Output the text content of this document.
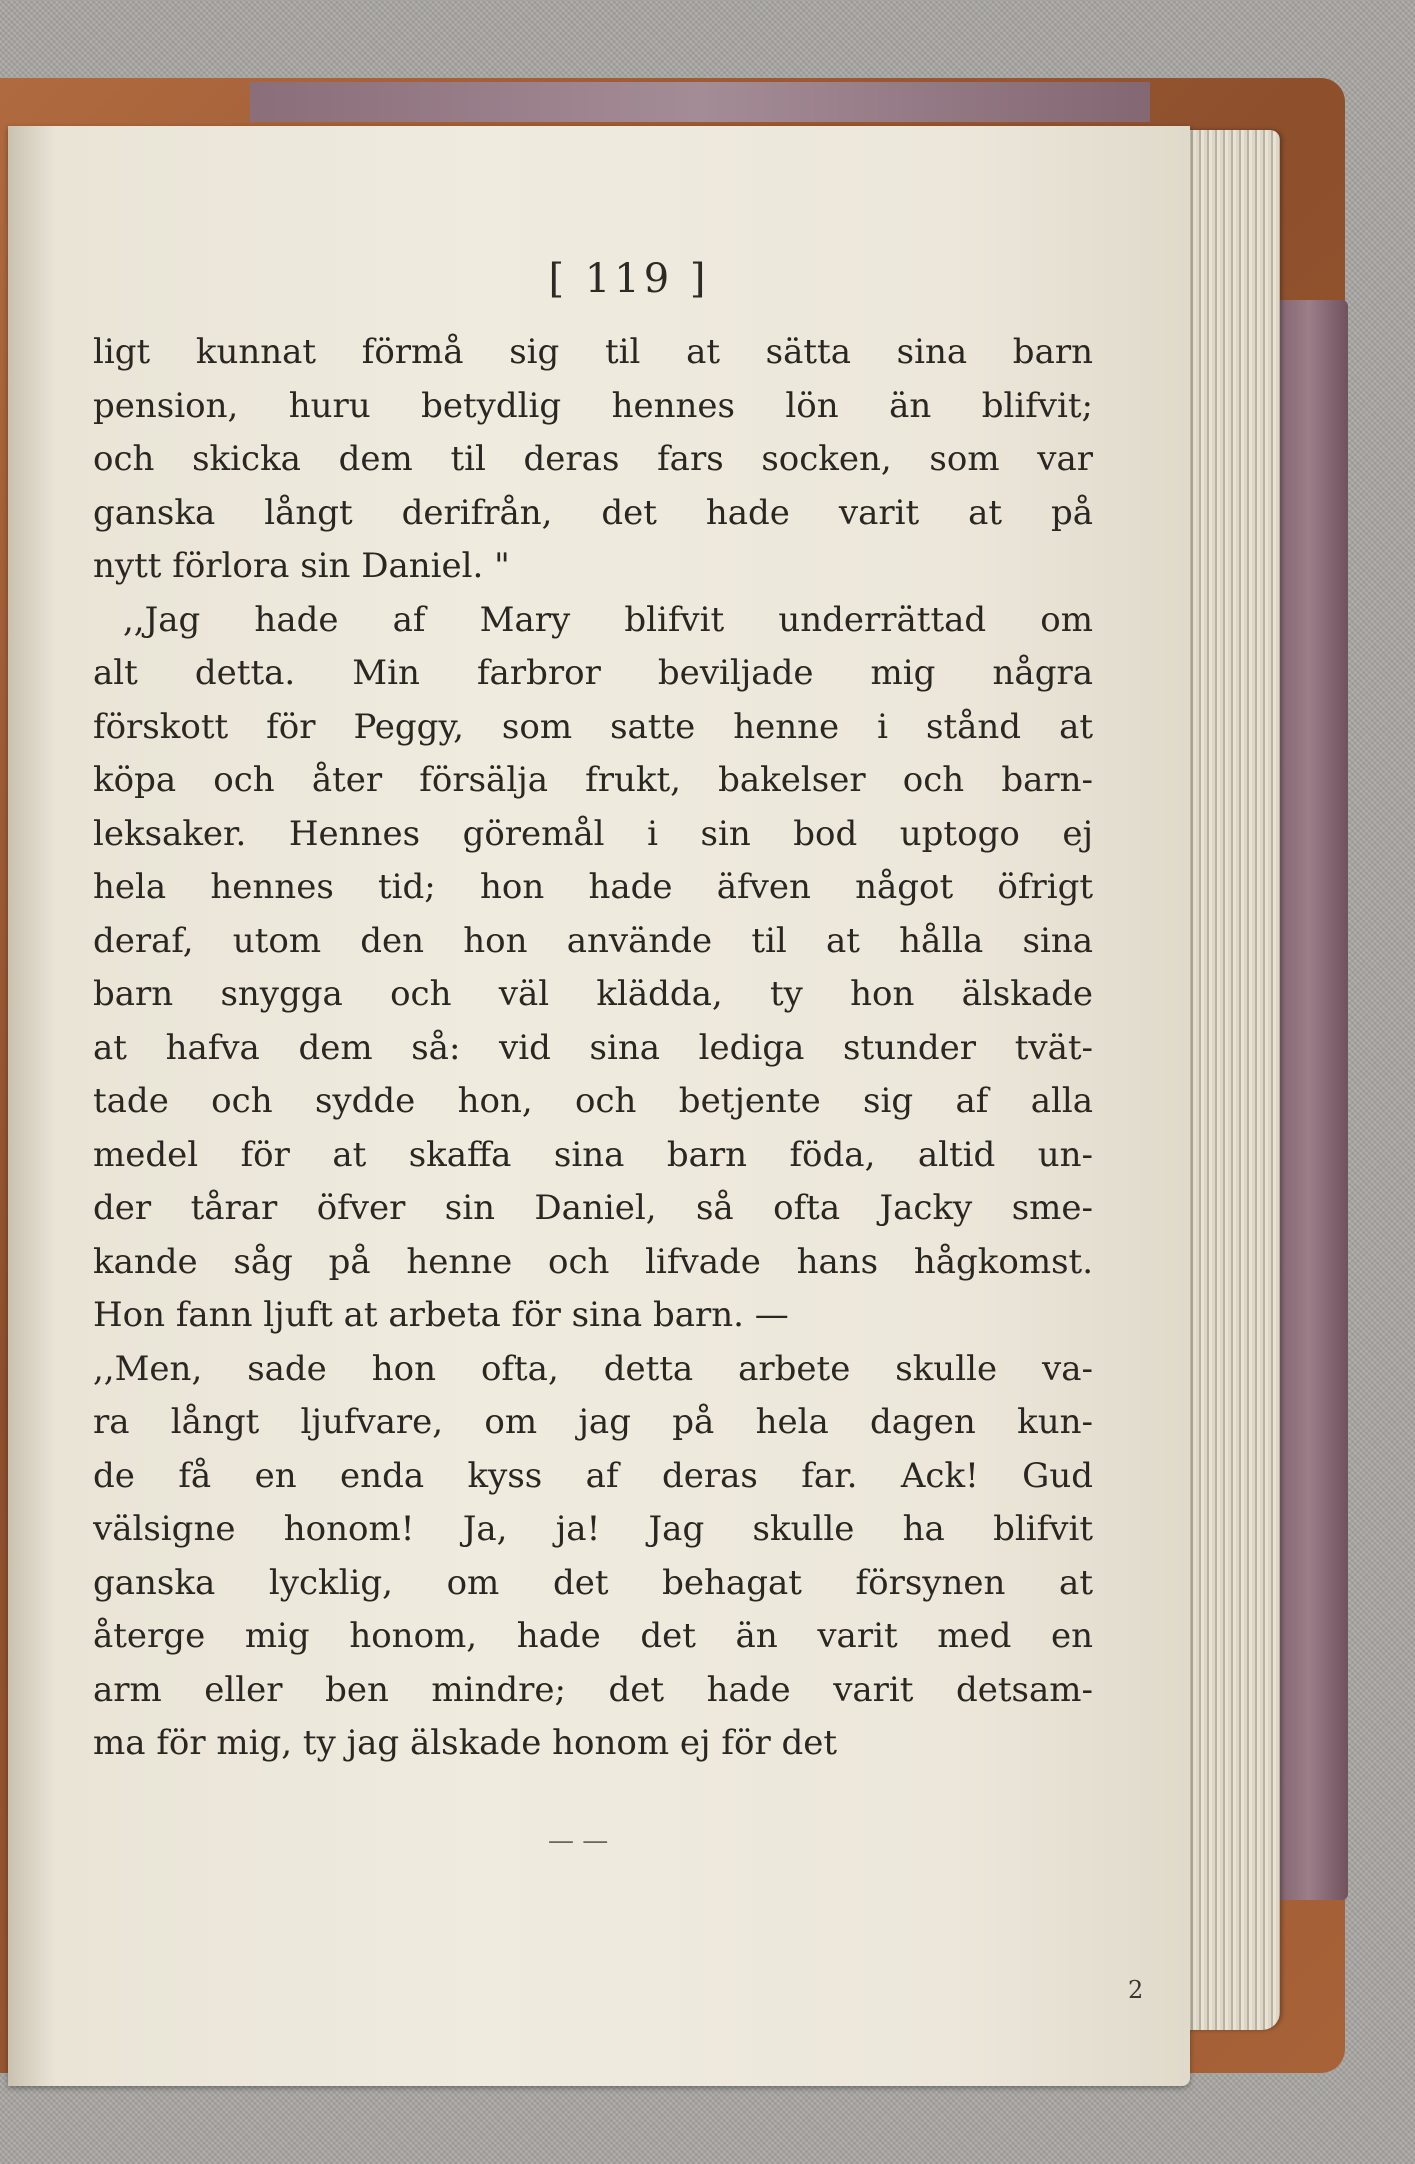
[ 119 ]
ligt kunnat förmå sig til at sätta sina barn
pension, huru betydlig hennes lön än blifvit;
och skicka dem til deras fars socken, som var
ganska långt derifrån, det hade varit at på
nytt förlora sin Daniel. "
,,Jag hade af Mary blifvit underrättad om
alt detta. Min farbror beviljade mig några
förskott för Peggy, som satte henne i stånd at
köpa och åter försälja frukt, bakelser och barn-
leksaker. Hennes göremål i sin bod uptogo ej
hela hennes tid; hon hade äfven något öfrigt
deraf, utom den hon använde til at hålla sina
barn snygga och väl klädda, ty hon älskade
at hafva dem så: vid sina lediga stunder tvät-
tade och sydde hon, och betjente sig af alla
medel för at skaffa sina barn föda, altid un-
der tårar öfver sin Daniel, så ofta Jacky sme-
kande såg på henne och lifvade hans hågkomst.
Hon fann ljuft at arbeta för sina barn. —
,,Men, sade hon ofta, detta arbete skulle va-
ra långt ljufvare, om jag på hela dagen kun-
de få en enda kyss af deras far. Ack! Gud
välsigne honom! Ja, ja! Jag skulle ha blifvit
ganska lycklig, om det behagat försynen at
återge mig honom, hade det än varit med en
arm eller ben mindre; det hade varit detsam-
ma för mig, ty jag älskade honom ej för det
— —
2
